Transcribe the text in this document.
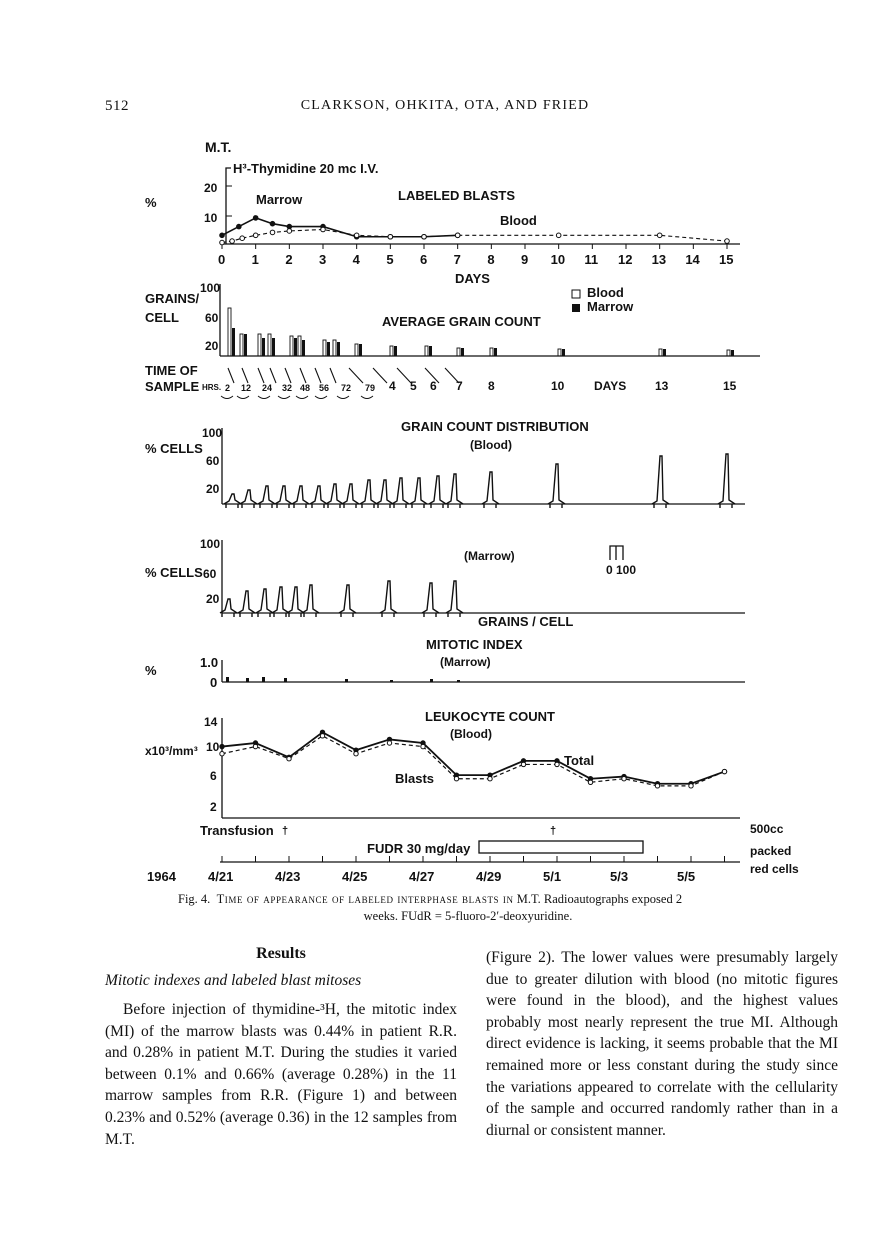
512	CLARKSON, OHKITA, OTA, AND FRIED
M.T.
H³-Thymidine 20 mc I.V.
%
20
10
0 1 2 3 4 5 6 7 8 9 10 11 12 13 14 15
Marrow	LABELED BLASTS
Blood
DAYS
GRAINS/
CELL
100
60
20
Blood
Marrow
AVERAGE GRAIN COUNT
TIME OF
SAMPLE HRS. 2 12 24 32 48 56 72 79 4 5 6 7 8	10 DAYS 13	15
GRAIN COUNT DISTRIBUTION
(Blood)
% CELLS
100
60
20
100
% CELLS 60
20
(Marrow)
0 100
GRAINS / CELL
MITOTIC INDEX
(Marrow)
%
1.0
0
LEUKOCYTE COUNT
(Blood)
x10³/mm³
14
10
6
2
Total
Blasts
Transfusion †	†
FUDR 30 mg/day
4/21	4/23	4/25	4/27	4/29	5/1	5/3	5/5
1964
500cc
packed
red cells
Fig. 4. Time of appearance of labeled interphase blasts in M.T. Radioautographs exposed 2
weeks. FUdR = 5-fluoro-2′-deoxyuridine.
Results
Mitotic indexes and labeled blast mitoses

Before injection of thymidine-³H, the mitotic index (MI) of the marrow blasts was 0.44% in patient R.R. and 0.28% in patient M.T. During the studies it varied between 0.1% and 0.66% (average 0.28%) in the 11 marrow samples from R.R. (Figure 1) and between 0.23% and 0.52% (average 0.36) in the 12 samples from M.T.

(Figure 2). The lower values were presumably largely due to greater dilution with blood (no mitotic figures were found in the blood), and the highest values probably most nearly represent the true MI. Although direct evidence is lacking, it seems probable that the MI remained more or less constant during the study since the variations appeared to correlate with the cellularity of the sample and occurred randomly rather than in a diurnal or consistent manner.
